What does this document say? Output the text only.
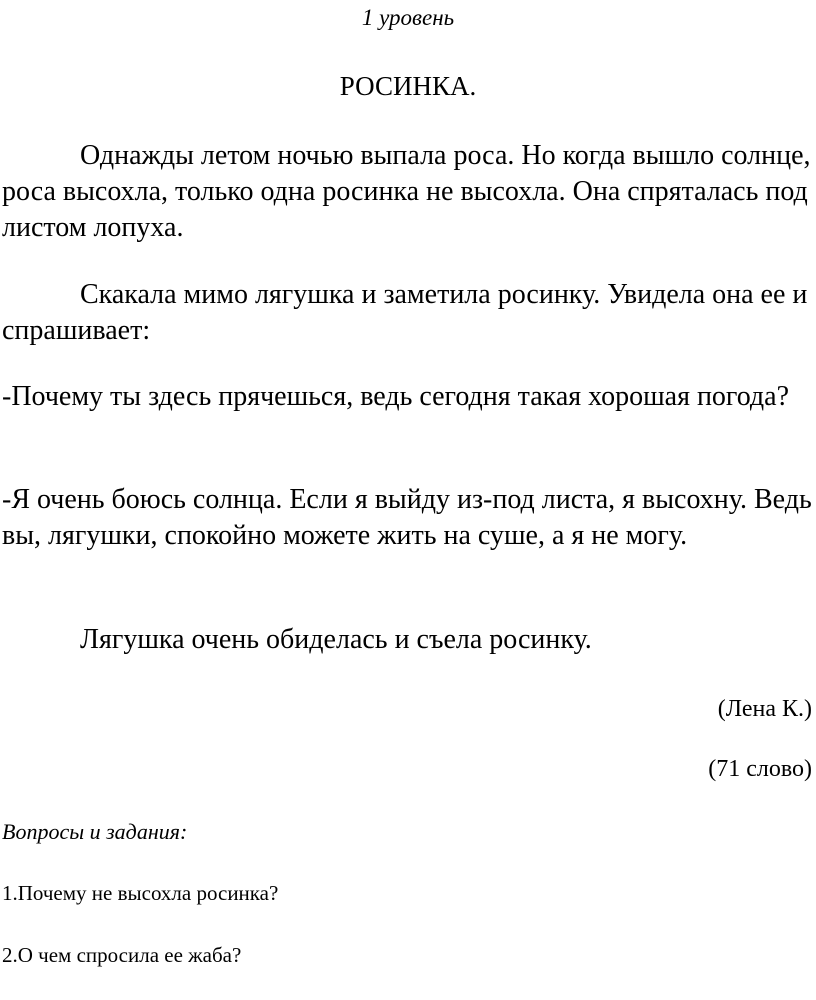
1 уровень
РОСИНКА.

Однажды летом ночью выпала роса. Но когда вышло солнце, роса высохла, только одна росинка не высохла. Она спряталась под листом лопуха.

Скакала мимо лягушка и заметила росинку. Увидела она ее и спрашивает:

-Почему ты здесь прячешься, ведь сегодня такая хорошая погода?

-Я очень боюсь солнца. Если я выйду из-под листа, я высохну. Ведь вы, лягушки, спокойно можете жить на суше, а я не могу.

Лягушка очень обиделась и съела росинку.

(Лена К.)
(71 слово)
Вопросы и задания:
1.Почему не высохла росинка?
2.О чем спросила ее жаба?
